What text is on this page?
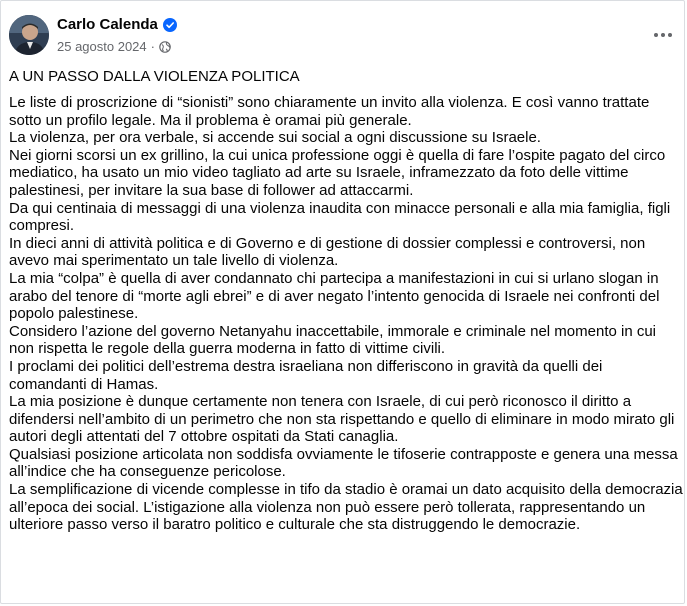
Carlo Calenda
25 agosto 2024 ·
A UN PASSO DALLA VIOLENZA POLITICA

Le liste di proscrizione di “sionisti” sono chiaramente un invito alla violenza. E così vanno trattate sotto un profilo legale. Ma il problema è oramai più generale.

La violenza, per ora verbale, si accende sui social a ogni discussione su Israele.

Nei giorni scorsi un ex grillino, la cui unica professione oggi è quella di fare l’ospite pagato del circo mediatico, ha usato un mio video tagliato ad arte su Israele, inframezzato da foto delle vittime palestinesi, per invitare la sua base di follower ad attaccarmi.

Da qui centinaia di messaggi di una violenza inaudita con minacce personali e alla mia famiglia, figli compresi.

In dieci anni di attività politica e di Governo e di gestione di dossier complessi e controversi, non avevo mai sperimentato un tale livello di violenza.

La mia “colpa” è quella di aver condannato chi partecipa a manifestazioni in cui si urlano slogan in arabo del tenore di “morte agli ebrei” e di aver negato l’intento genocida di Israele nei confronti del popolo palestinese.

Considero l’azione del governo Netanyahu inaccettabile, immorale e criminale nel momento in cui non rispetta le regole della guerra moderna in fatto di vittime civili.

I proclami dei politici dell’estrema destra israeliana non differiscono in gravità da quelli dei comandanti di Hamas.

La mia posizione è dunque certamente non tenera con Israele, di cui però riconosco il diritto a difendersi nell’ambito di un perimetro che non sta rispettando e quello di eliminare in modo mirato gli autori degli attentati del 7 ottobre ospitati da Stati canaglia.

Qualsiasi posizione articolata non soddisfa ovviamente le tifoserie contrapposte e genera una messa all’indice che ha conseguenze pericolose.

La semplificazione di vicende complesse in tifo da stadio è oramai un dato acquisito della democrazia all’epoca dei social. L’istigazione alla violenza non può essere però tollerata, rappresentando un ulteriore passo verso il baratro politico e culturale che sta distruggendo le democrazie.
